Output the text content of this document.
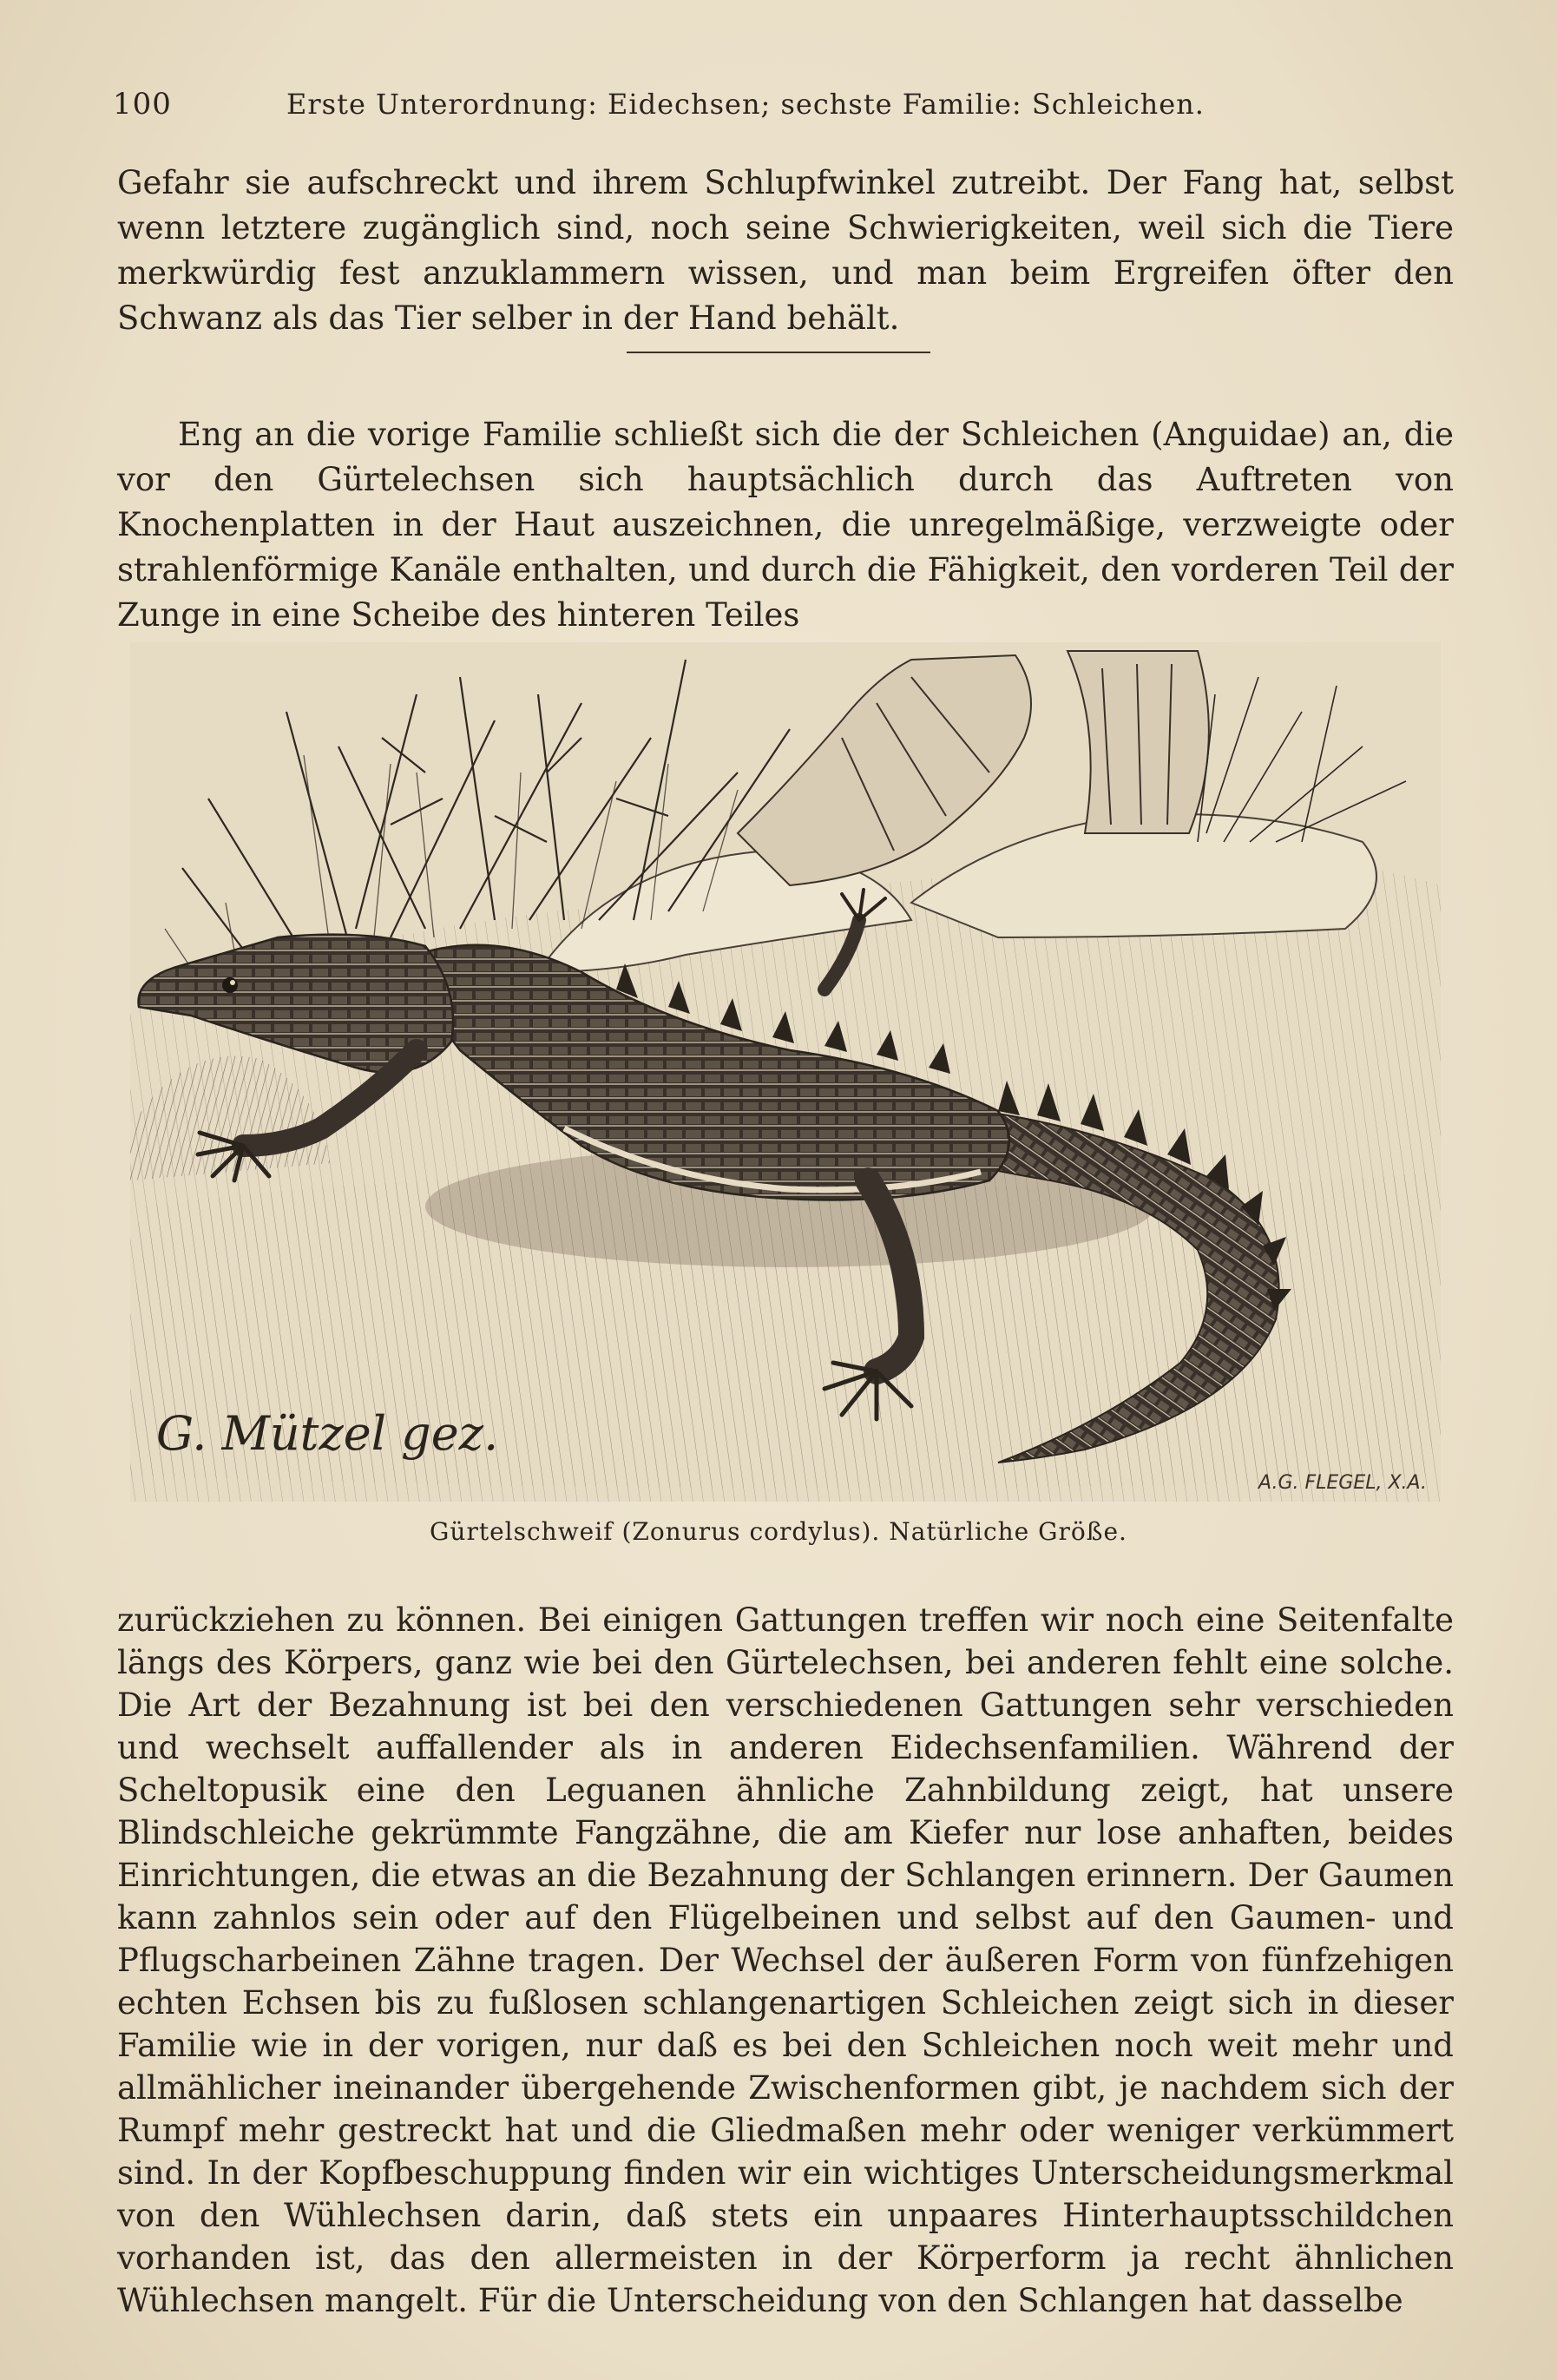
100	Erste Unterordnung: Eidechsen; sechste Familie: Schleichen.

Gefahr sie aufschreckt und ihrem Schlupfwinkel zutreibt. Der Fang hat, selbst wenn letztere zugänglich sind, noch seine Schwierigkeiten, weil sich die Tiere merkwürdig fest anzuklammern wissen, und man beim Ergreifen öfter den Schwanz als das Tier selber in der Hand behält.

Eng an die vorige Familie schließt sich die der Schleichen (Anguidae) an, die vor den Gürtelechsen sich hauptsächlich durch das Auftreten von Knochenplatten in der Haut auszeichnen, die unregelmäßige, verzweigte oder strahlenförmige Kanäle enthalten, und durch die Fähigkeit, den vorderen Teil der Zunge in eine Scheibe des hinteren Teiles

G. Mützel gez.
A.G. FLEGEL, X.A.
Gürtelschweif (Zonurus cordylus). Natürliche Größe.

zurückziehen zu können. Bei einigen Gattungen treffen wir noch eine Seitenfalte längs des Körpers, ganz wie bei den Gürtelechsen, bei anderen fehlt eine solche. Die Art der Bezahnung ist bei den verschiedenen Gattungen sehr verschieden und wechselt auffallender als in anderen Eidechsenfamilien. Während der Scheltopusik eine den Leguanen ähnliche Zahnbildung zeigt, hat unsere Blindschleiche gekrümmte Fangzähne, die am Kiefer nur lose anhaften, beides Einrichtungen, die etwas an die Bezahnung der Schlangen erinnern. Der Gaumen kann zahnlos sein oder auf den Flügelbeinen und selbst auf den Gaumen- und Pflugscharbeinen Zähne tragen. Der Wechsel der äußeren Form von fünfzehigen echten Echsen bis zu fußlosen schlangenartigen Schleichen zeigt sich in dieser Familie wie in der vorigen, nur daß es bei den Schleichen noch weit mehr und allmählicher ineinander übergehende Zwischenformen gibt, je nachdem sich der Rumpf mehr gestreckt hat und die Gliedmaßen mehr oder weniger verkümmert sind. In der Kopfbeschuppung finden wir ein wichtiges Unterscheidungsmerkmal von den Wühlechsen darin, daß stets ein unpaares Hinterhauptsschildchen vorhanden ist, das den allermeisten in der Körperform ja recht ähnlichen Wühlechsen mangelt. Für die Unterscheidung von den Schlangen hat dasselbe
